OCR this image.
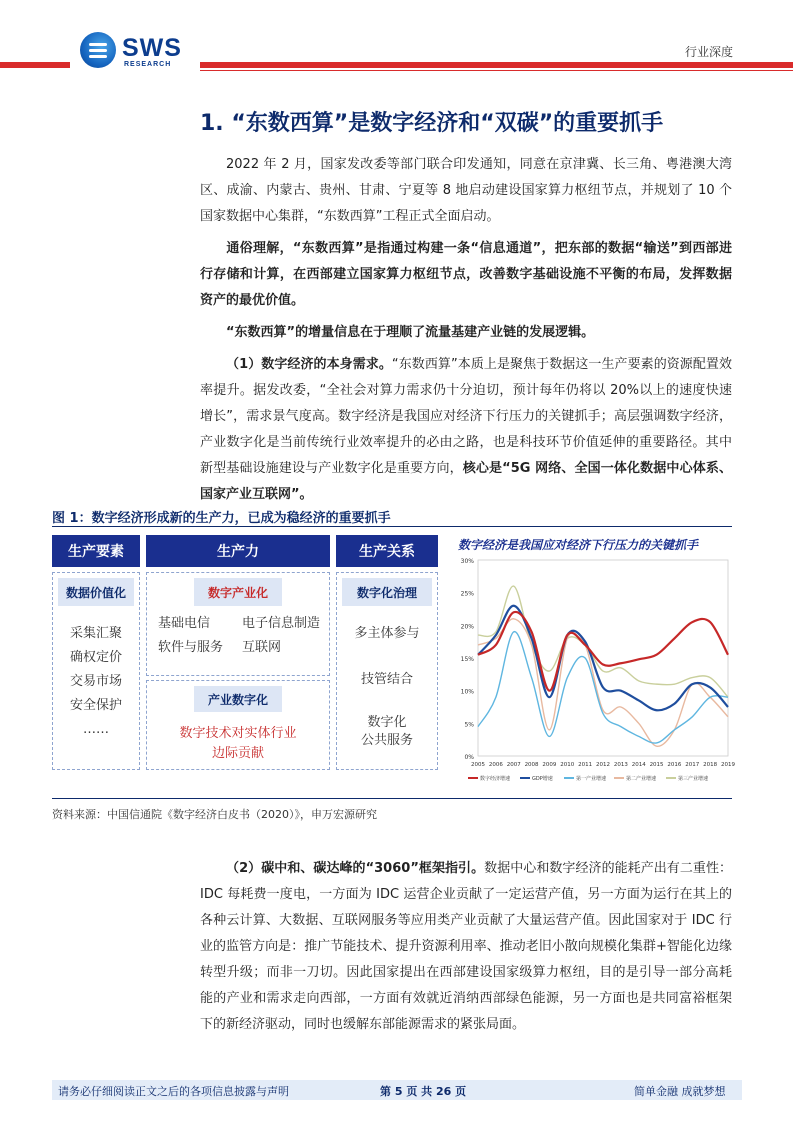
SWS
RESEARCH
行业深度
1. “东数西算”是数字经济和“双碳”的重要抓手
2022 年 2 月，国家发改委等部门联合印发通知，同意在京津冀、长三角、粤港澳大湾区、成渝、内蒙古、贵州、甘肃、宁夏等 8 地启动建设国家算力枢纽节点，并规划了 10 个国家数据中心集群，“东数西算”工程正式全面启动。
通俗理解，“东数西算”是指通过构建一条“信息通道”，把东部的数据“输送”到西部进行存储和计算，在西部建立国家算力枢纽节点，改善数字基础设施不平衡的布局，发挥数据资产的最优价值。
“东数西算”的增量信息在于理顺了流量基建产业链的发展逻辑。
（1）数字经济的本身需求。“东数西算”本质上是聚焦于数据这一生产要素的资源配置效率提升。据发改委，“全社会对算力需求仍十分迫切，预计每年仍将以 20%以上的速度快速增长”，需求景气度高。数字经济是我国应对经济下行压力的关键抓手；高层强调数字经济，产业数字化是当前传统行业效率提升的必由之路，也是科技环节价值延伸的重要路径。其中新型基础设施建设与产业数字化是重要方向，核心是“5G 网络、全国一体化数据中心体系、国家产业互联网”。
图 1：数字经济形成新的生产力，已成为稳经济的重要抓手
生产要素
数据价值化
采集汇聚
确权定价
交易市场
安全保护
……
生产力
数字产业化
基础电信
软件与服务
电子信息制造
互联网
产业数字化
数字技术对实体行业
边际贡献
生产关系
数字化治理
多主体参与
技管结合
数字化
公共服务
数字经济是我国应对经济下行压力的关键抓手
0%
5%
10%
15%
20%
25%
30%
2005 2006 2007 2008 2009 2010 2011 2012 2013 2014 2015 2016 2017 2018 2019
数字经济增速	GDP增速	第一产业增速	第二产业增速	第三产业增速
资料来源：中国信通院《数字经济白皮书（2020）》，申万宏源研究
（2）碳中和、碳达峰的“3060”框架指引。数据中心和数字经济的能耗产出有二重性：IDC 每耗费一度电，一方面为 IDC 运营企业贡献了一定运营产值，另一方面为运行在其上的各种云计算、大数据、互联网服务等应用类产业贡献了大量运营产值。因此国家对于 IDC 行业的监管方向是：推广节能技术、提升资源利用率、推动老旧小散向规模化集群+智能化边缘转型升级；而非一刀切。因此国家提出在西部建设国家级算力枢纽，目的是引导一部分高耗能的产业和需求走向西部，一方面有效就近消纳西部绿色能源，另一方面也是共同富裕框架下的新经济驱动，同时也缓解东部能源需求的紧张局面。
请务必仔细阅读正文之后的各项信息披露与声明	第 5 页 共 26 页	简单金融 成就梦想
